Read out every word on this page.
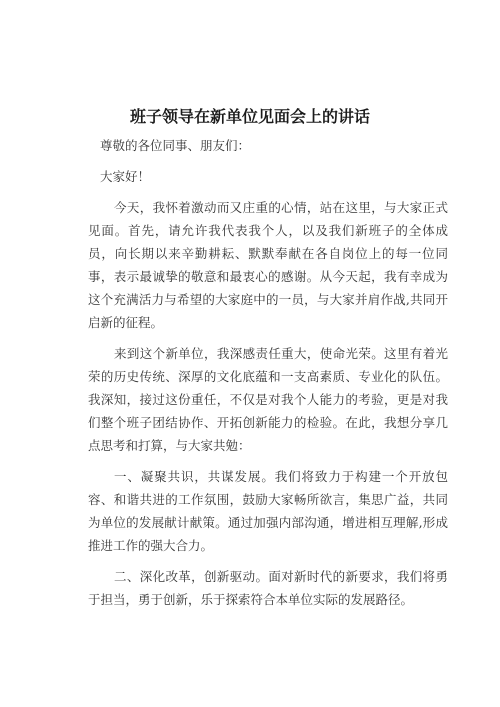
班子领导在新单位见面会上的讲话

尊敬的各位同事、朋友们：

大家好！

今天，我怀着激动而又庄重的心情，站在这里，与大家正式见面。首先，请允许我代表我个人，以及我们新班子的全体成员，向长期以来辛勤耕耘、默默奉献在各自岗位上的每一位同事，表示最诚挚的敬意和最衷心的感谢。从今天起，我有幸成为这个充满活力与希望的大家庭中的一员，与大家并肩作战,共同开启新的征程。

来到这个新单位，我深感责任重大，使命光荣。这里有着光荣的历史传统、深厚的文化底蕴和一支高素质、专业化的队伍。我深知，接过这份重任，不仅是对我个人能力的考验，更是对我们整个班子团结协作、开拓创新能力的检验。在此，我想分享几点思考和打算，与大家共勉：

一、凝聚共识，共谋发展。我们将致力于构建一个开放包容、和谐共进的工作氛围，鼓励大家畅所欲言，集思广益，共同为单位的发展献计献策。通过加强内部沟通，增进相互理解,形成推进工作的强大合力。

二、深化改革，创新驱动。面对新时代的新要求，我们将勇于担当，勇于创新，乐于探索符合本单位实际的发展路径。
